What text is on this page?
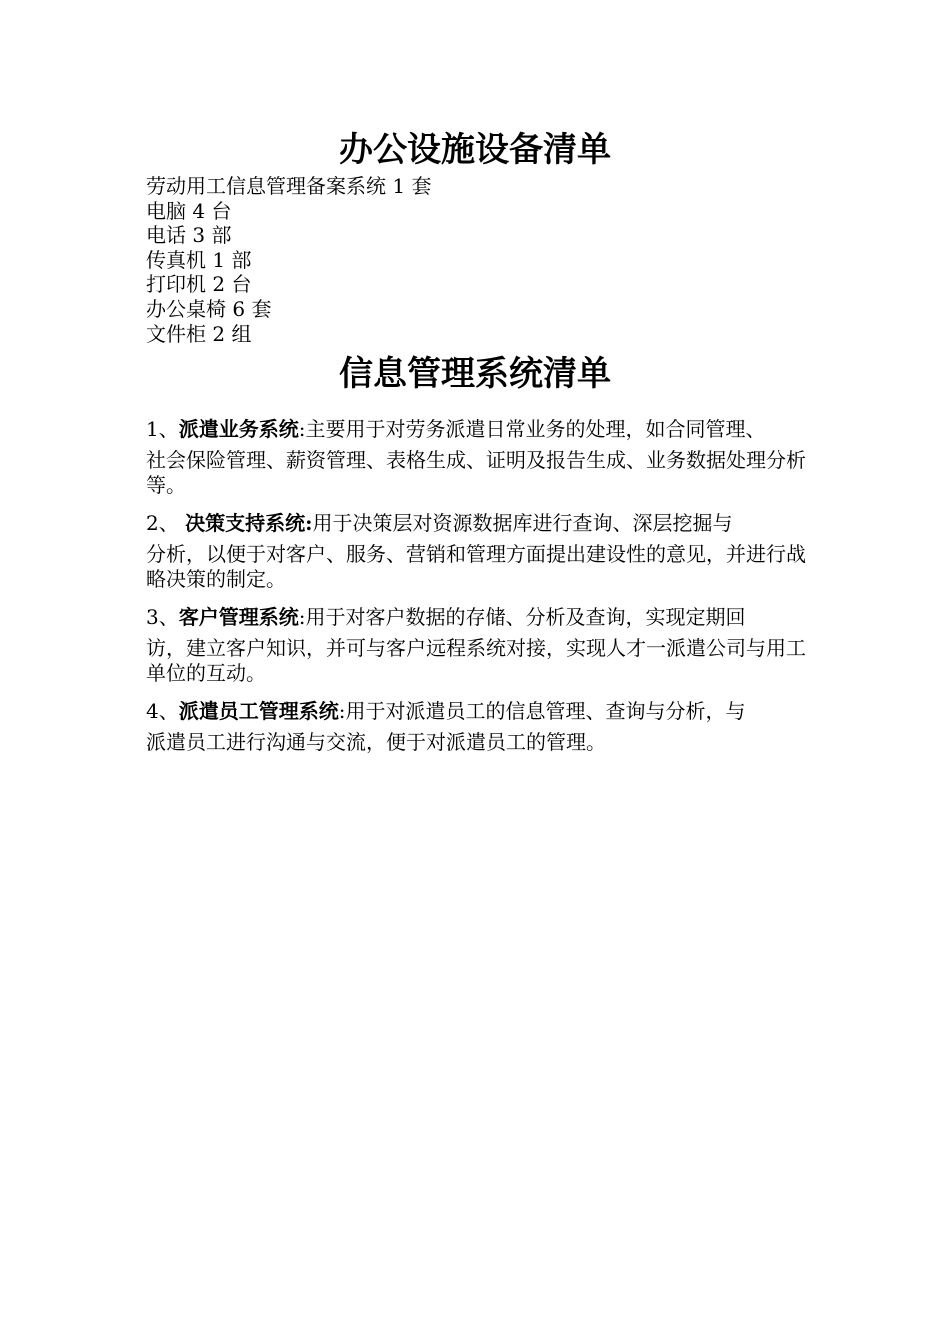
办公设施设备清单
劳动用工信息管理备案系统 1 套
电脑 4 台
电话 3 部
传真机 1 部
打印机 2 台
办公桌椅 6 套
文件柜 2 组
信息管理系统清单
1、派遣业务系统:主要用于对劳务派遣日常业务的处理，如合同管理、
社会保险管理、薪资管理、表格生成、证明及报告生成、业务数据处理分析等。
2、 决策支持系统:用于决策层对资源数据库进行查询、深层挖掘与
分析，以便于对客户、服务、营销和管理方面提出建设性的意见，并进行战略决策的制定。
3、客户管理系统:用于对客户数据的存储、分析及查询，实现定期回
访，建立客户知识，并可与客户远程系统对接，实现人才一派遣公司与用工单位的互动。
4、派遣员工管理系统:用于对派遣员工的信息管理、查询与分析，与
派遣员工进行沟通与交流，便于对派遣员工的管理。
